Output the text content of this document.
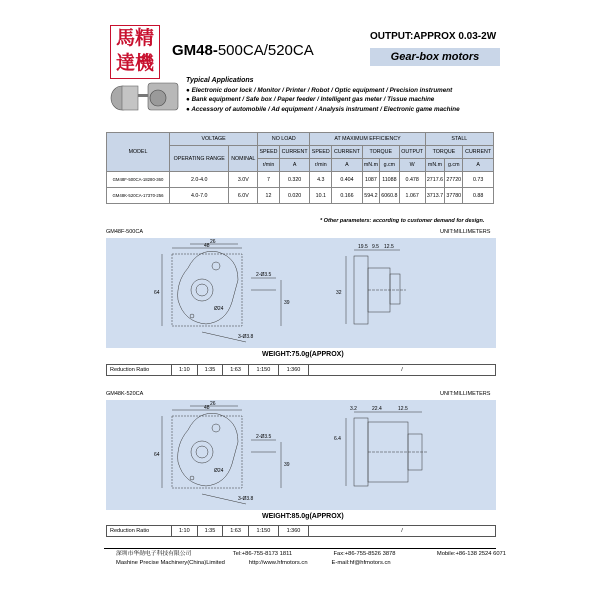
馬精
達機
GM48-500CA/520CA
OUTPUT:APPROX 0.03-2W
Gear-box motors
Typical Applications
● Electronic door lock / Monitor / Printer / Robot / Optic equipment / Precision instrument
● Bank equipment / Safe box / Paper feeder / Intelligent gas meter / Tissue machine
● Accessory of automobile / Ad equipment / Analysis instrument / Electronic game machine
MODEL	VOLTAGE		NO LOAD		AT MAXIMUM EFFICIENCY					STALL		
	OPERATING RANGE	NOMINAL	SPEED	CURRENT	SPEED	CURRENT	TORQUE		OUTPUT	TORQUE		CURRENT
			r/min	A	r/min	A	mN.m	g.cm	W	mN.m	g.cm	A
GM48F-500CA-18280-360	2.0-4.0	3.0V	7	0.320	4.3	0.404	1087	11088	0.478	2717.6	27720	0.73
GM48K-520CA-17370-256	4.0-7.0	6.0V	12	0.020	10.1	0.166	594.2	6060.8	1.067	3713.7	37780	0.88
* Other parameters: according to customer demand for design.
GM48F-500CA	UNIT:MILLIMETERS
48
26
64
2-Ø3.5
Ø24
3-Ø3.8
39
19.5 9.5 12.5
32
WEIGHT:75.0g(APPROX)
Reduction Ratio	1:10	1:35	1:63	1:150	1:360	/
GM48K-520CA	UNIT:MILLIMETERS
48
26
64
2-Ø3.5
Ø24
3-Ø3.8
39
22.4
3.2	12.5
6.4
WEIGHT:85.0g(APPROX)
Reduction Ratio	1:10	1:35	1:63	1:150	1:360	/
深圳市华勋电子科技有限公司	Tel:+86-755-8173 1811	Fax:+86-755-8526 3878	Mobile:+86-138 2524 6071
Mashine Precise Machinery(China)Limited	http://www.hfmotors.cn	E-mail:hf@hfmotors.cn
